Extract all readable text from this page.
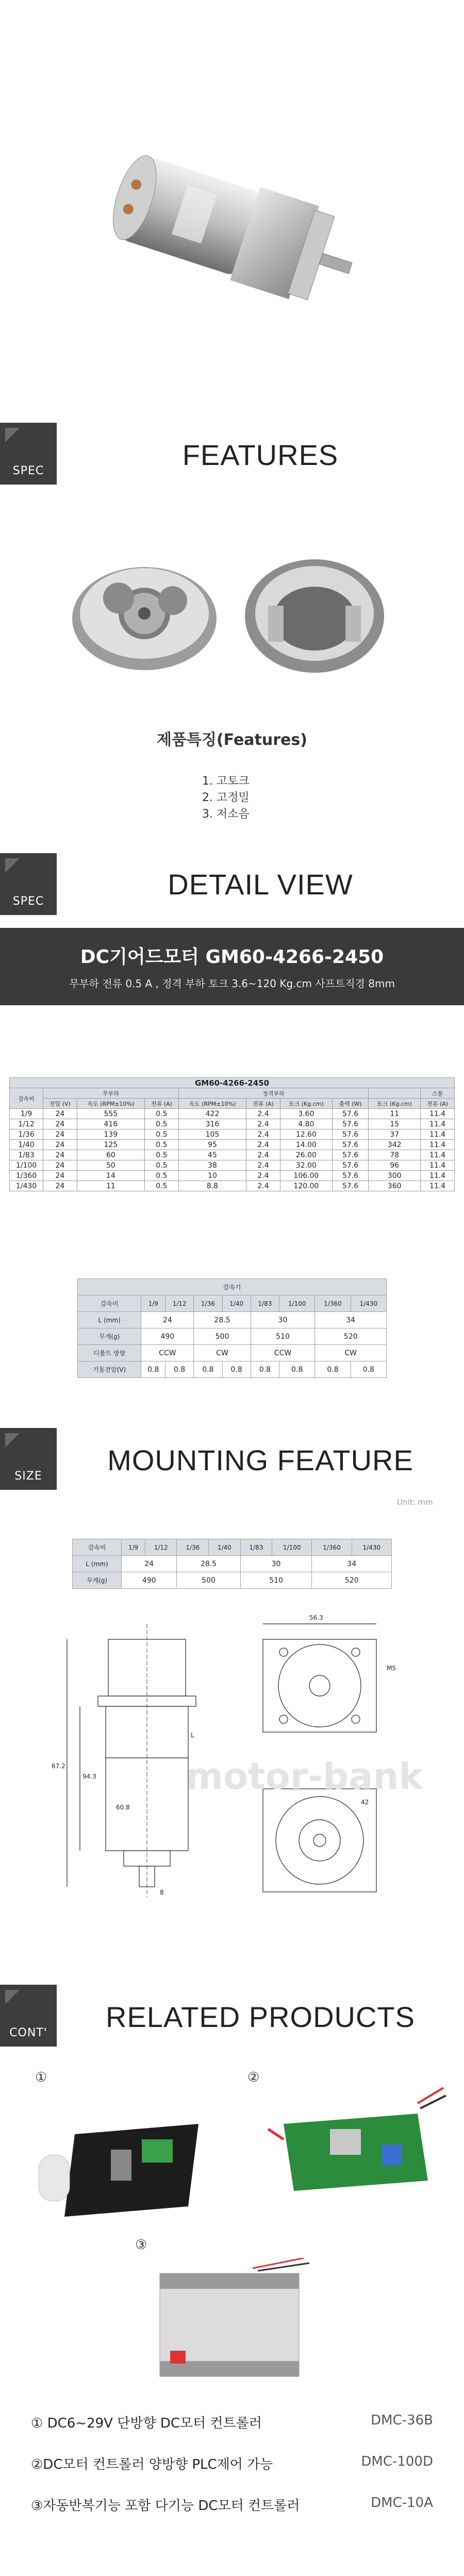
SPEC	FEATURES
제품특징(Features)
1. 고토크
2. 고정밀
3. 저소음
SPEC
DETAIL VIEW
DC기어드모터 GM60-4266-2450
무부하 전류 0.5 A , 정격 부하 토크 3.6~120 Kg.cm 사프트직경 8mm
GM60-4266-2450									
감속비	무부하			정격부하					스톨
	전압 (V)	속도 (RPM±10%)	전류 (A)	속도 (RPM±10%)	전류 (A)	토크 (Kg.cm)	출력 (W)	토크 (Kg.cm)	전류 (A)
1/9	24	555	0.5	422	2.4	3.60	57.6	11	11.4
1/12	24	416	0.5	316	2.4	4.80	57.6	15	11.4
1/36	24	139	0.5	105	2.4	12.60	57.6	37	11.4
1/40	24	125	0.5	95	2.4	14.00	57.6	342	11.4
1/83	24	60	0.5	45	2.4	26.00	57.6	78	11.4
1/100	24	50	0.5	38	2.4	32.00	57.6	96	11.4
1/360	24	14	0.5	10	2.4	106.00	57.6	300	11.4
1/430	24	11	0.5	8.8	2.4	120.00	57.6	360	11.4
감속기								
감속비	1/9	1/12	1/36	1/40	1/83	1/100	1/360	1/430
L (mm)	24		28.5		30		34	
무게(g)	490		500		510		520	
디폴트 방향	CCW		CW		CCW		CW	
기동전압(V)	0.8	0.8	0.8	0.8	0.8	0.8	0.8	0.8
SIZE	MOUNTING FEATURE
Unit: mm
감속비	1/9	1/12	1/36	1/40	1/83	1/100	1/360	1/430
L (mm)	24		28.5		30		34	
무게(g)	490		500		510		520	
67.2
94.3
L
8
60.8
56.3
M5
42
motor-bank
CONT'	RELATED PRODUCTS
①	②
③
① DC6~29V 단방향 DC모터 컨트롤러	DMC-36B
②DC모터 컨트롤러 양방향 PLC제어 가능	DMC-100D
③자동반복기능 포함 다기능 DC모터 컨트롤러	DMC-10A
